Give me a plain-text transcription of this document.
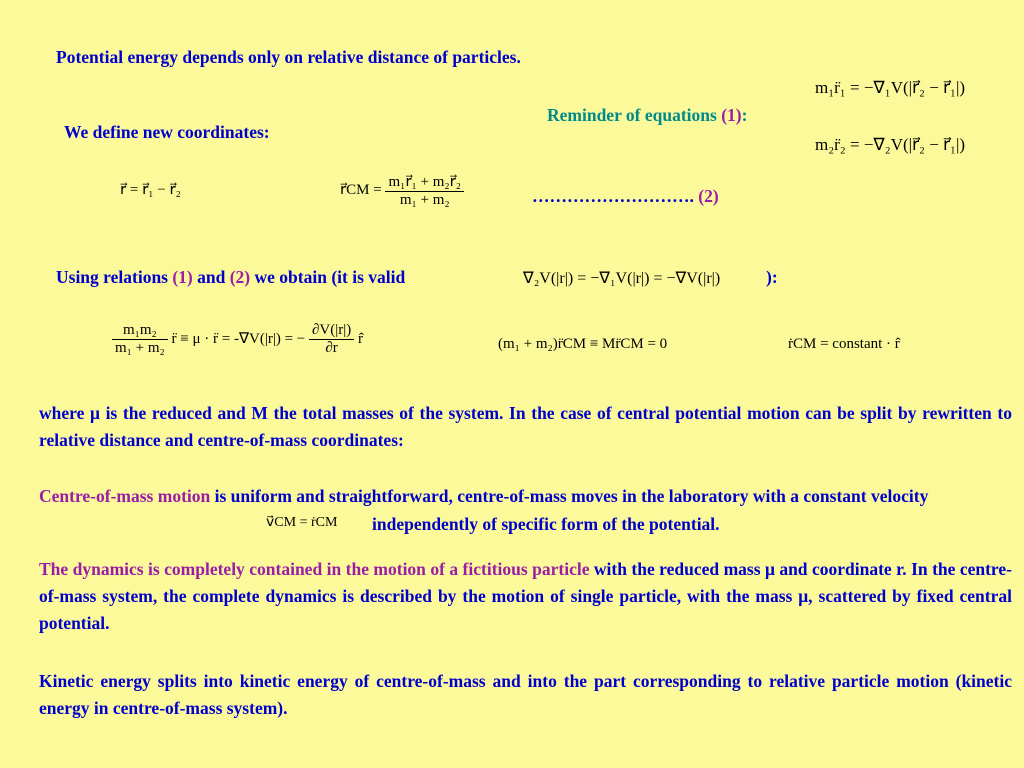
Potential energy depends only on relative distance of particles.
m₁r̈₁ = −∇₁V(|r⃗₂ − r⃗₁|)
Reminder of equations (1):
m₂r̈₂ = −∇₂V(|r⃗₂ − r⃗₁|)
We define new coordinates:
r⃗ = r⃗₁ − r⃗₂	r⃗CM = $\frac{\text{m₁r⃗₁ + m₂r⃗₂}}{\text{m₁ + m₂}}$	………………………. (2)
Using relations (1) and (2) we obtain (it is valid	∇₂V(|r|) = −∇₁V(|r|) = −∇V(|r|)	):
$\frac{\text{m₁m₂}}{\text{m₁ + m₂}}$ r̈ ≡ μ · r̈ = -∇V(|r|) = − $\frac{\partial V(|r|)}{\partial r}$ r̂	(m₁ + m₂)r̈CM ≡ Mr̈CM = 0	ṙCM = constant · r̂
where μ is the reduced and M the total masses of the system. In the case of central potential motion can be split by rewritten to relative distance and centre-of-mass coordinates:
Centre-of-mass motion is uniform and straightforward, centre-of-mass moves in the laboratory with a constant velocity
v⃗CM = ṙCM independently of specific form of the potential.
The dynamics is completely contained in the motion of a fictitious particle with the reduced mass μ and coordinate r. In the centre-of-mass system, the complete dynamics is described by the motion of single particle, with the mass μ, scattered by fixed central potential.
Kinetic energy splits into kinetic energy of centre-of-mass and into the part corresponding to relative particle motion (kinetic energy in centre-of-mass system).
